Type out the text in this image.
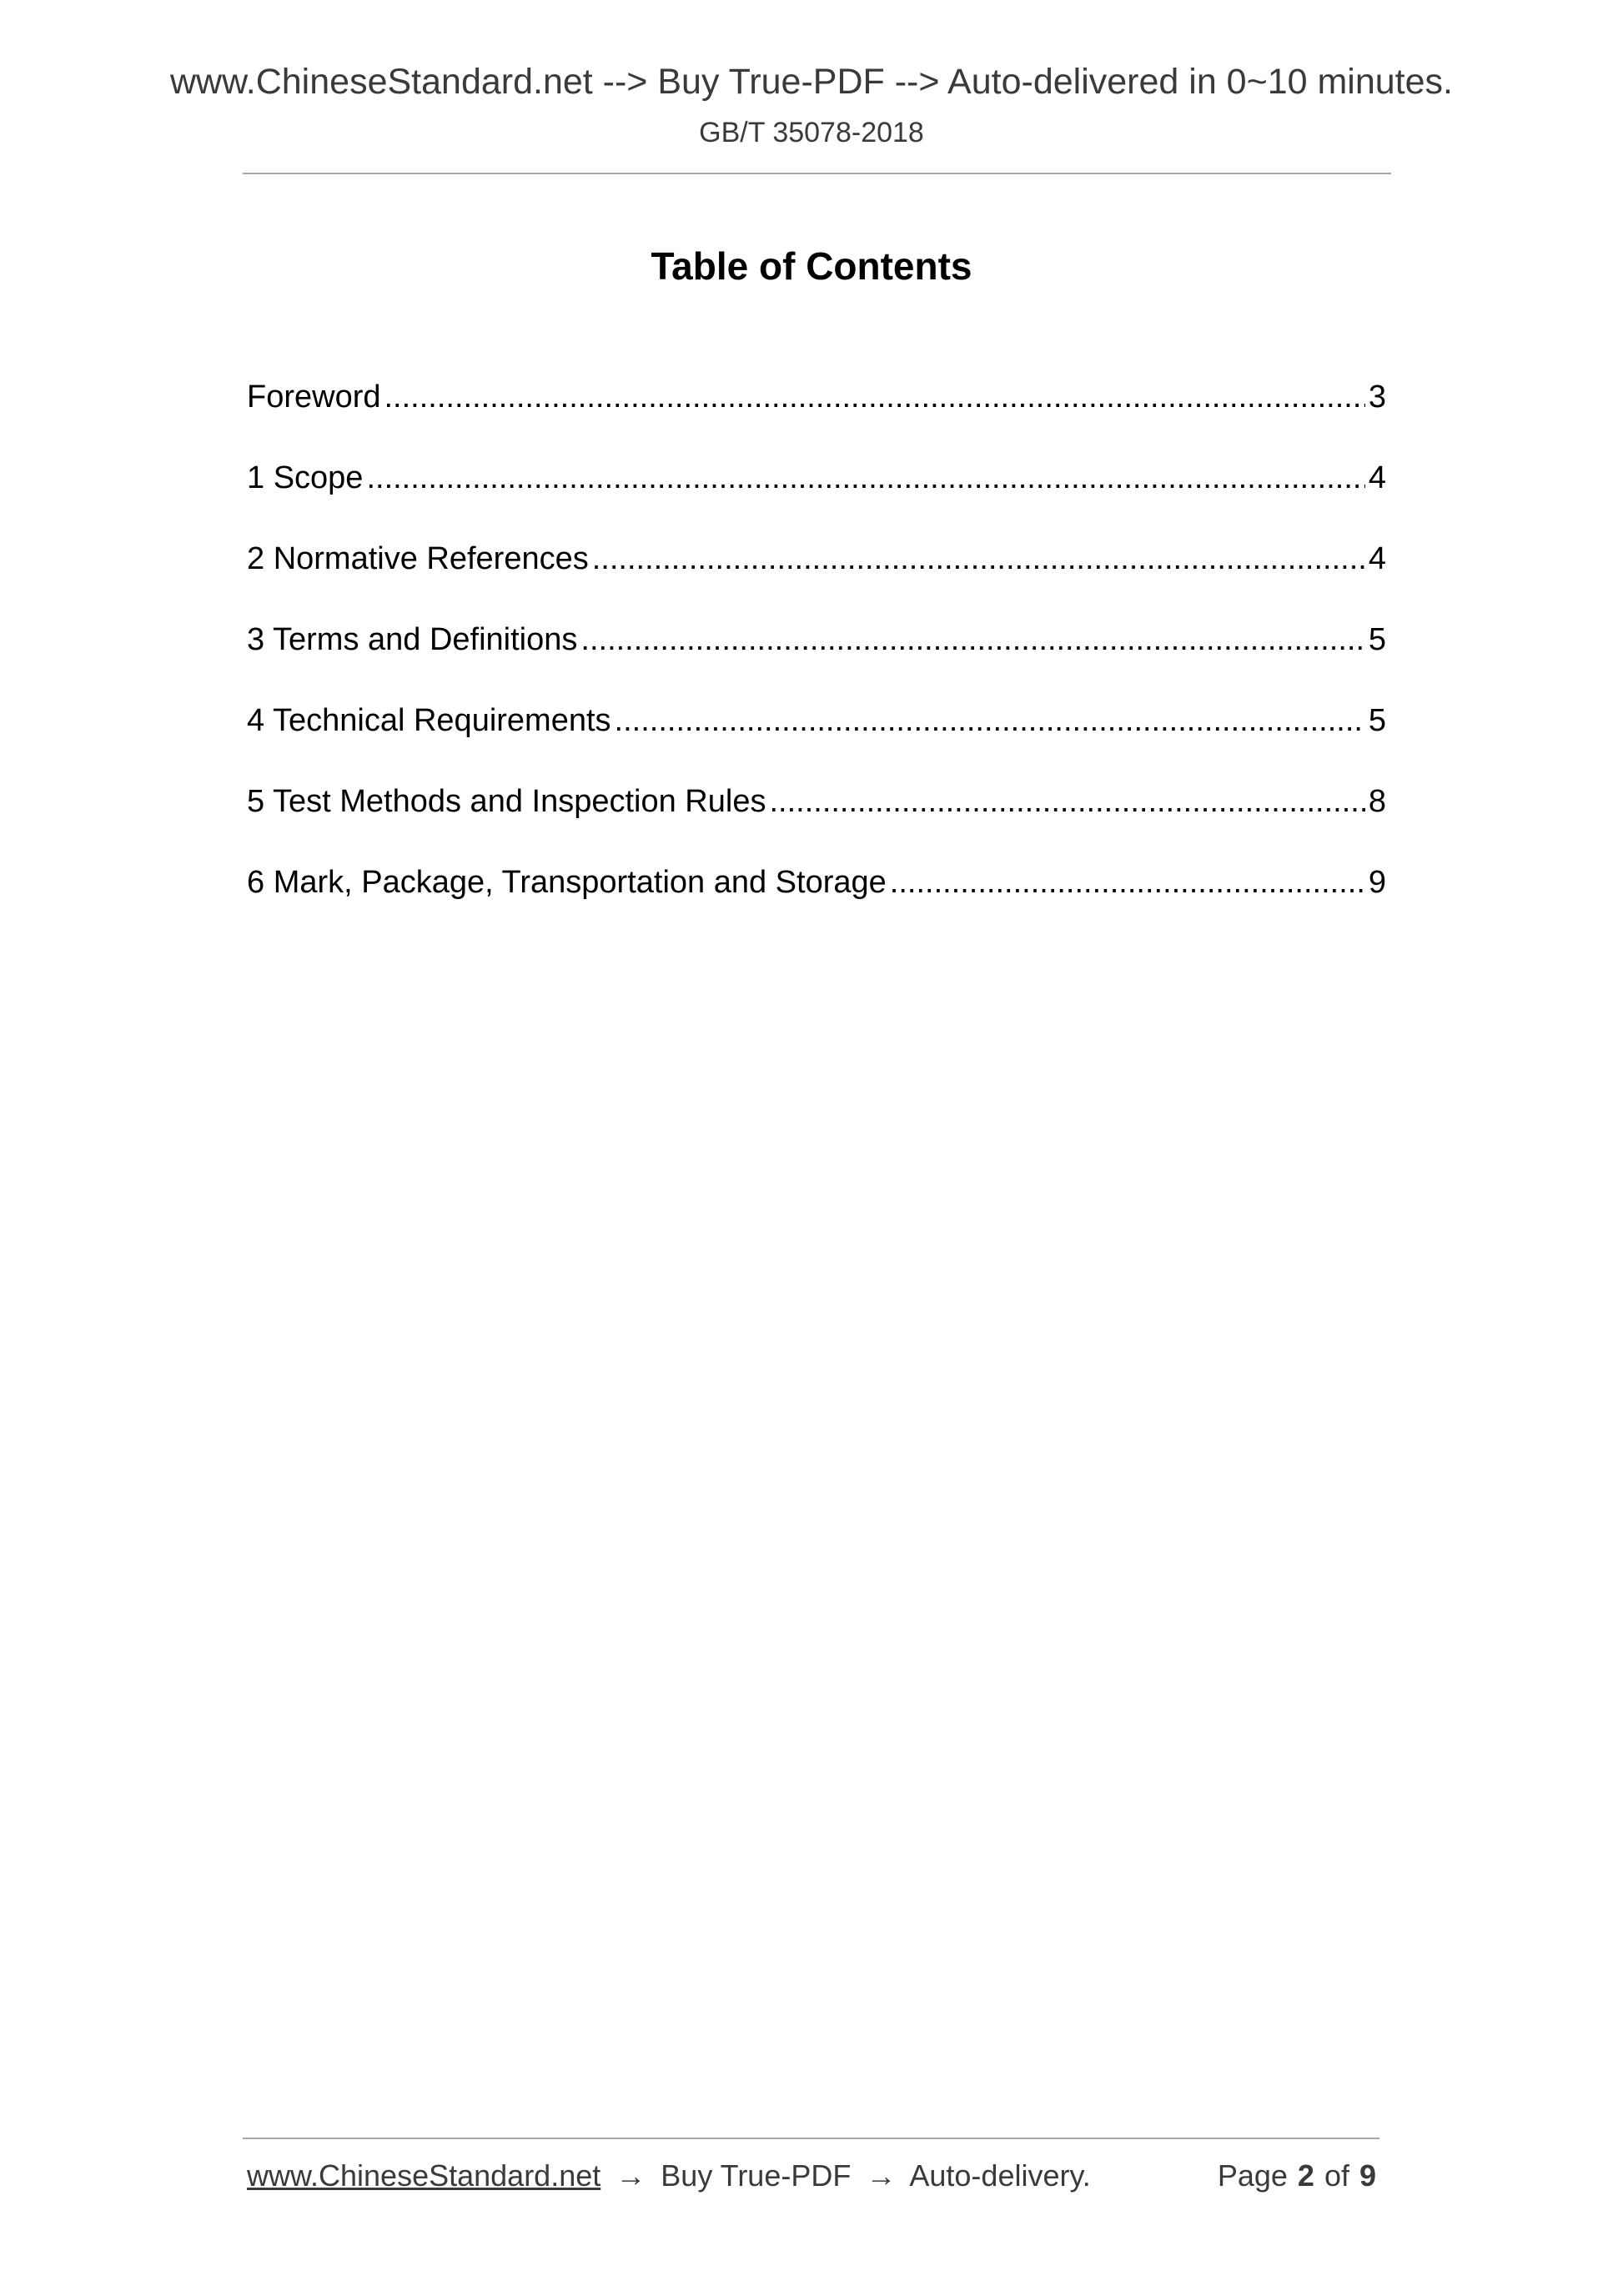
www.ChineseStandard.net --> Buy True-PDF --> Auto-delivered in 0~10 minutes.
GB/T 35078-2018
Table of Contents
Foreword .....	3
1 Scope .....	4
2 Normative References .....	4
3 Terms and Definitions .....	5
4 Technical Requirements .....	5
5 Test Methods and Inspection Rules .....	8
6 Mark, Package, Transportation and Storage .....	9
www.ChineseStandard.net → Buy True-PDF → Auto-delivery.	Page 2 of 9
